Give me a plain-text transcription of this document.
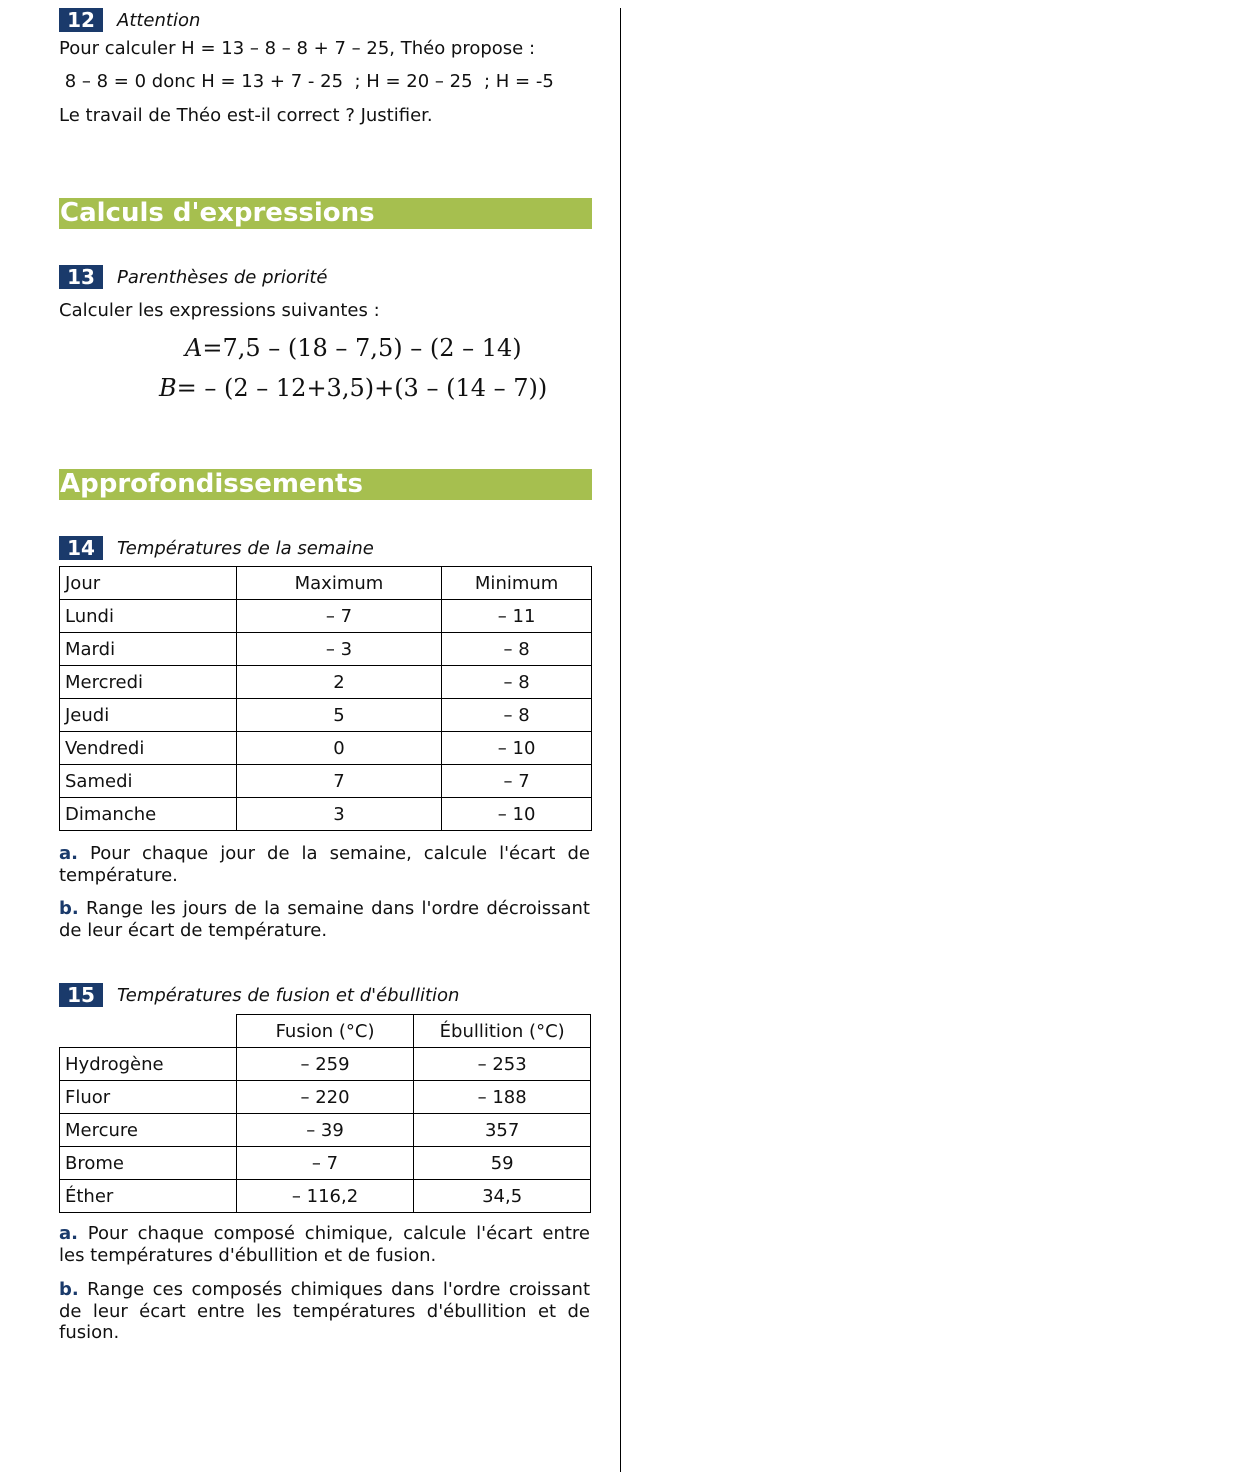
12	Attention
Pour calculer H = 13 – 8 – 8 + 7 – 25, Théo propose :
8 – 8 = 0 donc H = 13 + 7 - 25  ; H = 20 – 25  ; H = -5
Le travail de Théo est-il correct ? Justifier.
Calculs d'expressions
13	Parenthèses de priorité
Calculer les expressions suivantes :
A=7,5 – (18 – 7,5) – (2 – 14)
B= – (2 – 12+3,5)+(3 – (14 – 7))
Approfondissements
14	Températures de la semaine
Jour	Maximum	Minimum
Lundi	– 7	– 11
Mardi	– 3	– 8
Mercredi	2	– 8
Jeudi	5	– 8
Vendredi	0	– 10
Samedi	7	– 7
Dimanche	3	– 10
a. Pour chaque jour de la semaine, calcule l'écart de température.
b. Range les jours de la semaine dans l'ordre décroissant de leur écart de température.
15	Températures de fusion et d'ébullition
	Fusion (°C)	Ébullition (°C)
Hydrogène	– 259	– 253
Fluor	– 220	– 188
Mercure	– 39	357
Brome	– 7	59
Éther	– 116,2	34,5
a. Pour chaque composé chimique, calcule l'écart entre les températures d'ébullition et de fusion.
b. Range ces composés chimiques dans l'ordre croissant de leur écart entre les températures d'ébullition et de fusion.
